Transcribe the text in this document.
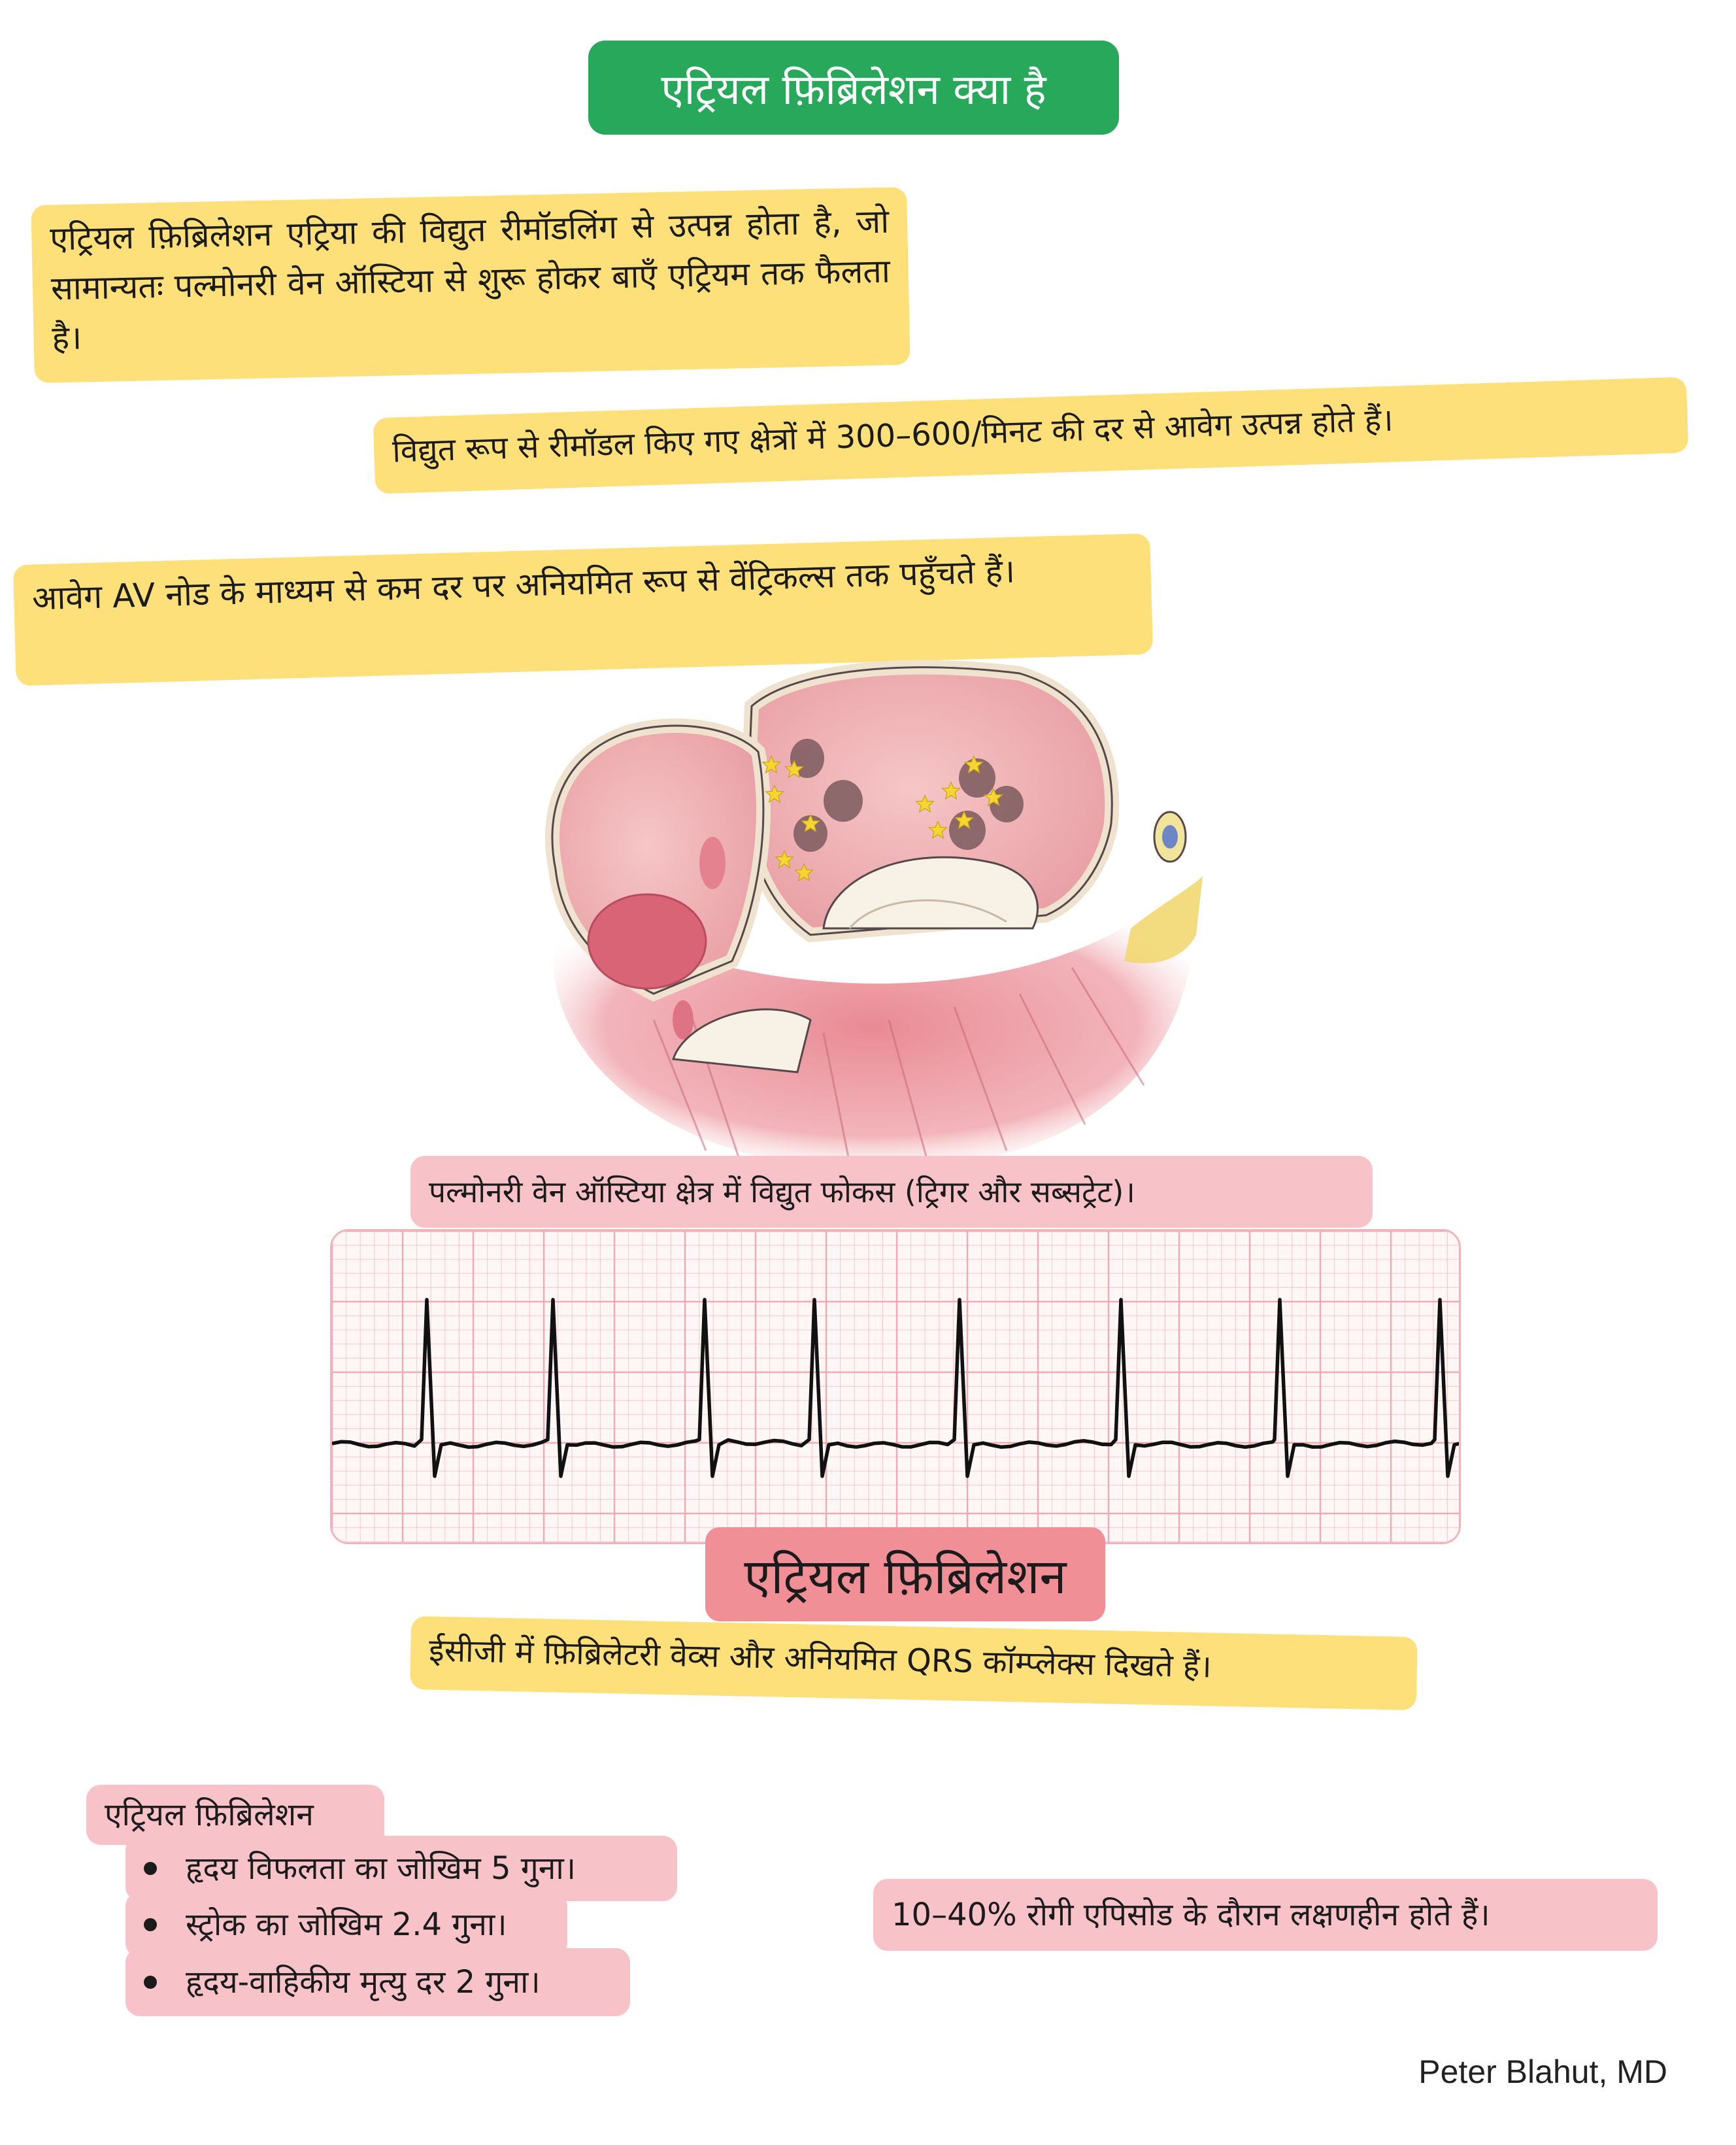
एट्रियल फ़िब्रिलेशन क्या है
एट्रियल फ़िब्रिलेशन एट्रिया की विद्युत रीमॉडलिंग से उत्पन्न होता है, जो सामान्यतः पल्मोनरी वेन ऑस्टिया से शुरू होकर बाएँ एट्रियम तक फैलता है।
विद्युत रूप से रीमॉडल किए गए क्षेत्रों में 300–600/मिनट की दर से आवेग उत्पन्न होते हैं।
आवेग AV नोड के माध्यम से कम दर पर अनियमित रूप से वेंट्रिकल्स तक पहुँचते हैं।
पल्मोनरी वेन ऑस्टिया क्षेत्र में विद्युत फोकस (ट्रिगर और सब्सट्रेट)।
एट्रियल फ़िब्रिलेशन
ईसीजी में फ़िब्रिलेटरी वेव्स और अनियमित QRS कॉम्प्लेक्स दिखते हैं।
एट्रियल फ़िब्रिलेशन
हृदय विफलता का जोखिम 5 गुना।
स्ट्रोक का जोखिम 2.4 गुना।
हृदय-वाहिकीय मृत्यु दर 2 गुना।
10–40% रोगी एपिसोड के दौरान लक्षणहीन होते हैं।
Peter Blahut, MD
